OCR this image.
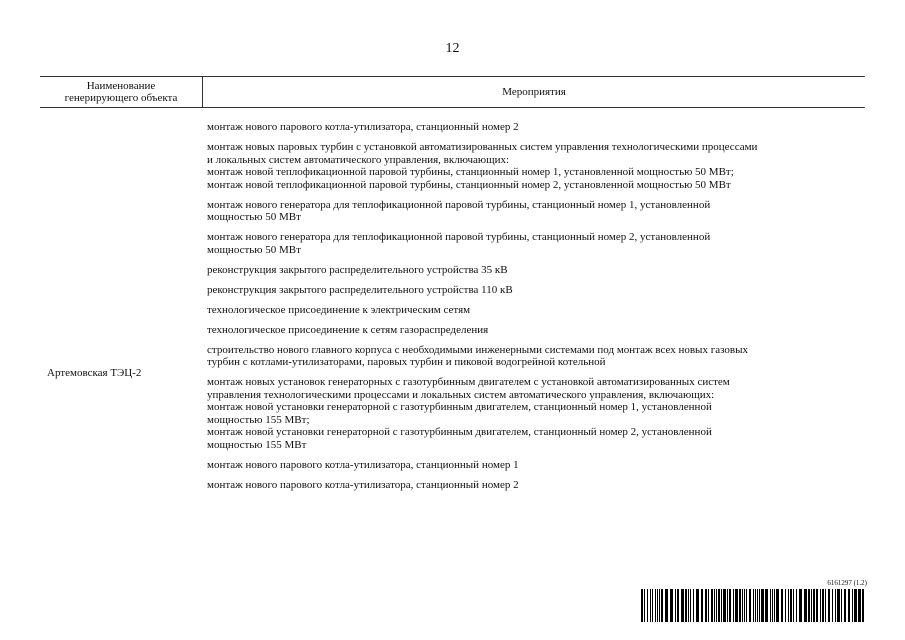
12
Наименование
генерирующего объекта	Мероприятия
Артемовская ТЭЦ-2
монтаж нового парового котла-утилизатора, станционный номер 2
монтаж новых паровых турбин с установкой автоматизированных систем управления технологическими процессами
и локальных систем автоматического управления, включающих:
монтаж новой теплофикационной паровой турбины, станционный номер 1, установленной мощностью 50 МВт;
монтаж новой теплофикационной паровой турбины, станционный номер 2, установленной мощностью 50 МВт
монтаж нового генератора для теплофикационной паровой турбины, станционный номер 1, установленной
мощностью 50 МВт
монтаж нового генератора для теплофикационной паровой турбины, станционный номер 2, установленной
мощностью 50 МВт
реконструкция закрытого распределительного устройства 35 кВ
реконструкция закрытого распределительного устройства 110 кВ
технологическое присоединение к электрическим сетям
технологическое присоединение к сетям газораспределения
строительство нового главного корпуса с необходимыми инженерными системами под монтаж всех новых газовых
турбин с котлами-утилизаторами, паровых турбин и пиковой водогрейной котельной
монтаж новых установок генераторных с газотурбинным двигателем с установкой автоматизированных систем
управления технологическими процессами и локальных систем автоматического управления, включающих:
монтаж новой установки генераторной с газотурбинным двигателем, станционный номер 1, установленной
мощностью 155 МВт;
монтаж новой установки генераторной с газотурбинным двигателем, станционный номер 2, установленной
мощностью 155 МВт
монтаж нового парового котла-утилизатора, станционный номер 1
монтаж нового парового котла-утилизатора, станционный номер 2
6161297 (1.2)
